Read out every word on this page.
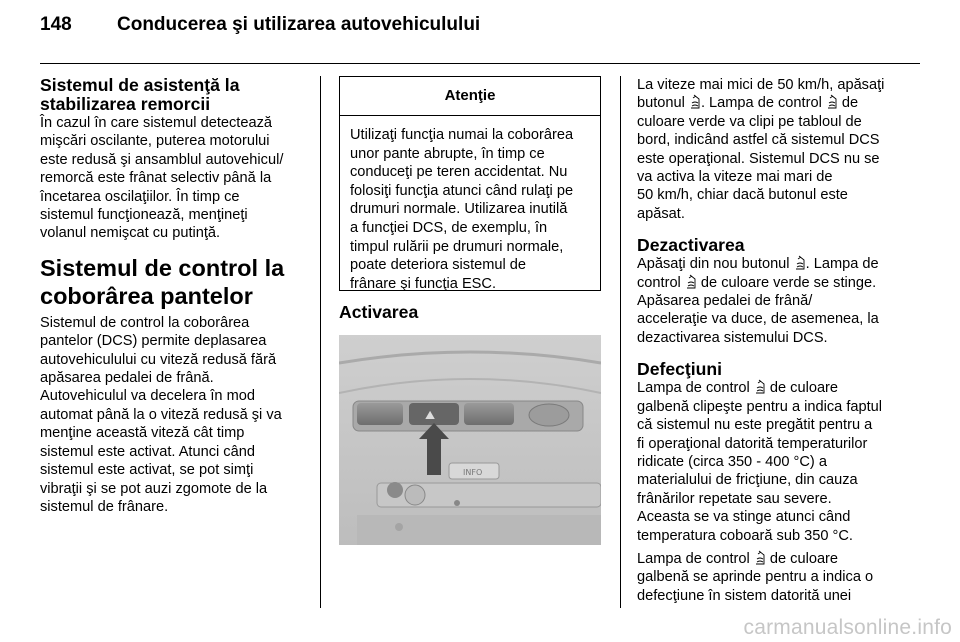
148 Conducerea şi utilizarea autovehiculului
Sistemul de asistenţă la
stabilizarea remorcii

În cazul în care sistemul detectează
mişcări oscilante, puterea motorului
este redusă şi ansamblul autovehicul/
remorcă este frânat selectiv până la
încetarea oscilaţiilor. În timp ce
sistemul funcţionează, menţineţi
volanul nemişcat cu putinţă.

Sistemul de control la
coborârea pantelor

Sistemul de control la coborârea
pantelor (DCS) permite deplasarea
autovehiculului cu viteză redusă fără
apăsarea pedalei de frână.
Autovehiculul va decelera în mod
automat până la o viteză redusă şi va
menţine această viteză cât timp
sistemul este activat. Atunci când
sistemul este activat, se pot simţi
vibraţii şi se pot auzi zgomote de la
sistemul de frânare.

Atenţie
Utilizaţi funcţia numai la coborârea
unor pante abrupte, în timp ce
conduceţi pe teren accidentat. Nu
folosiţi funcţia atunci când rulaţi pe
drumuri normale. Utilizarea inutilă
a funcţiei DCS, de exemplu, în
timpul rulării pe drumuri normale,
poate deteriora sistemul de
frânare şi funcţia ESC.
Activarea
⛰
INFO

La viteze mai mici de 50 km/h, apăsaţi
butonul . Lampa de control  de
culoare verde va clipi pe tabloul de
bord, indicând astfel că sistemul DCS
este operaţional. Sistemul DCS nu se
va activa la viteze mai mari de
50 km/h, chiar dacă butonul este
apăsat.

Dezactivarea

Apăsaţi din nou butonul . Lampa de
control  de culoare verde se stinge.
Apăsarea pedalei de frână/
acceleraţie va duce, de asemenea, la
dezactivarea sistemului DCS.

Defecţiuni

Lampa de control  de culoare
galbenă clipeşte pentru a indica faptul
că sistemul nu este pregătit pentru a
fi operaţional datorită temperaturilor
ridicate (circa 350 - 400 °C) a
materialului de fricţiune, din cauza
frânărilor repetate sau severe.
Aceasta se va stinge atunci când
temperatura coboară sub 350 °C.

Lampa de control  de culoare
galbenă se aprinde pentru a indica o
defecţiune în sistem datorită unei

carmanualsonline.info
